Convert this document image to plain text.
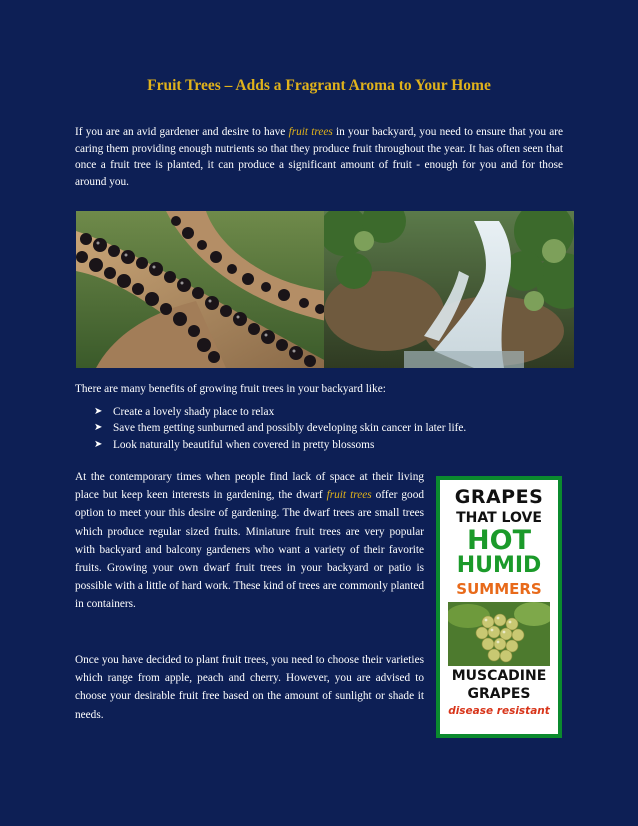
Fruit Trees – Adds a Fragrant Aroma to Your Home

If you are an avid gardener and desire to have fruit trees in your backyard, you need to ensure that you are caring them providing enough nutrients so that they produce fruit throughout the year. It has often seen that once a fruit tree is planted, it can produce a significant amount of fruit - enough for you and for those around you.

There are many benefits of growing fruit trees in your backyard like:

➤ Create a lovely shady place to relax
➤ Save them getting sunburned and possibly developing skin cancer in later life.
➤ Look naturally beautiful when covered in pretty blossoms

At the contemporary times when people find lack of space at their living place but keep keen interests in gardening, the dwarf fruit trees offer good option to meet your this desire of gardening. The dwarf trees are small trees which produce regular sized fruits. Miniature fruit trees are very popular with backyard and balcony gardeners who want a variety of their favorite fruits. Growing your own dwarf fruit trees in your backyard or patio is possible with a little of hard work. These kind of trees are commonly planted in containers.

Once you have decided to plant fruit trees, you need to choose their varieties which range from apple, peach and cherry. However, you are advised to choose your desirable fruit free based on the amount of sunlight or shade it needs.

GRAPES
THAT LOVE
HOT
HUMID
SUMMERS
MUSCADINE
GRAPES
disease resistant
